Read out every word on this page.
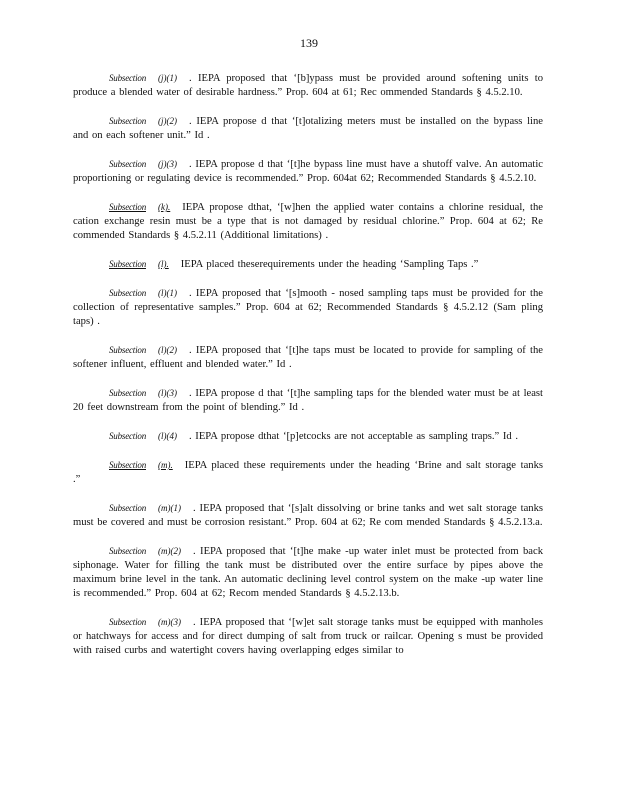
139

Subsection (j)(1) . IEPA proposed that ‘[b]ypass must be provided around softening units to produce a blended water of desirable hardness.” Prop. 604 at 61; Rec ommended Standards § 4.5.2.10.

Subsection (j)(2) . IEPA propose d that ‘[t]otalizing meters must be installed on the bypass line and on each softener unit.” Id .

Subsection (j)(3) . IEPA propose d that ‘[t]he bypass line must have a shutoff valve. An automatic proportioning or regulating device is recommended.” Prop. 604at 62; Recommended Standards § 4.5.2.10.

Subsection (k). IEPA propose dthat, ‘[w]hen the applied water contains a chlorine residual, the cation exchange resin must be a type that is not damaged by residual chlorine.” Prop. 604 at 62; Re commended Standards § 4.5.2.11 (Additional limitations) .

Subsection (l). IEPA placed theserequirements under the heading ‘Sampling Taps .”

Subsection (l)(1) . IEPA proposed that ‘[s]mooth - nosed sampling taps must be provided for the collection of representative samples.” Prop. 604 at 62; Recommended Standards § 4.5.2.12 (Sam pling taps) .

Subsection (l)(2) . IEPA proposed that ‘[t]he taps must be located to provide for sampling of the softener influent, effluent and blended water.” Id .

Subsection (l)(3) . IEPA propose d that ‘[t]he sampling taps for the blended water must be at least 20 feet downstream from the point of blending.” Id .

Subsection (l)(4) . IEPA propose dthat ‘[p]etcocks are not acceptable as sampling traps.” Id .

Subsection (m). IEPA placed these requirements under the heading ‘Brine and salt storage tanks .”

Subsection (m)(1) . IEPA proposed that ‘[s]alt dissolving or brine tanks and wet salt storage tanks must be covered and must be corrosion resistant.” Prop. 604 at 62; Re com mended Standards § 4.5.2.13.a.

Subsection (m)(2) . IEPA proposed that ‘[t]he make -up water inlet must be protected from back siphonage. Water for filling the tank must be distributed over the entire surface by pipes above the maximum brine level in the tank. An automatic declining level control system on the make -up water line is recommended.” Prop. 604 at 62; Recom mended Standards § 4.5.2.13.b.

Subsection (m)(3) . IEPA proposed that ‘[w]et salt storage tanks must be equipped with manholes or hatchways for access and for direct dumping of salt from truck or railcar. Opening s must be provided with raised curbs and watertight covers having overlapping edges similar to
